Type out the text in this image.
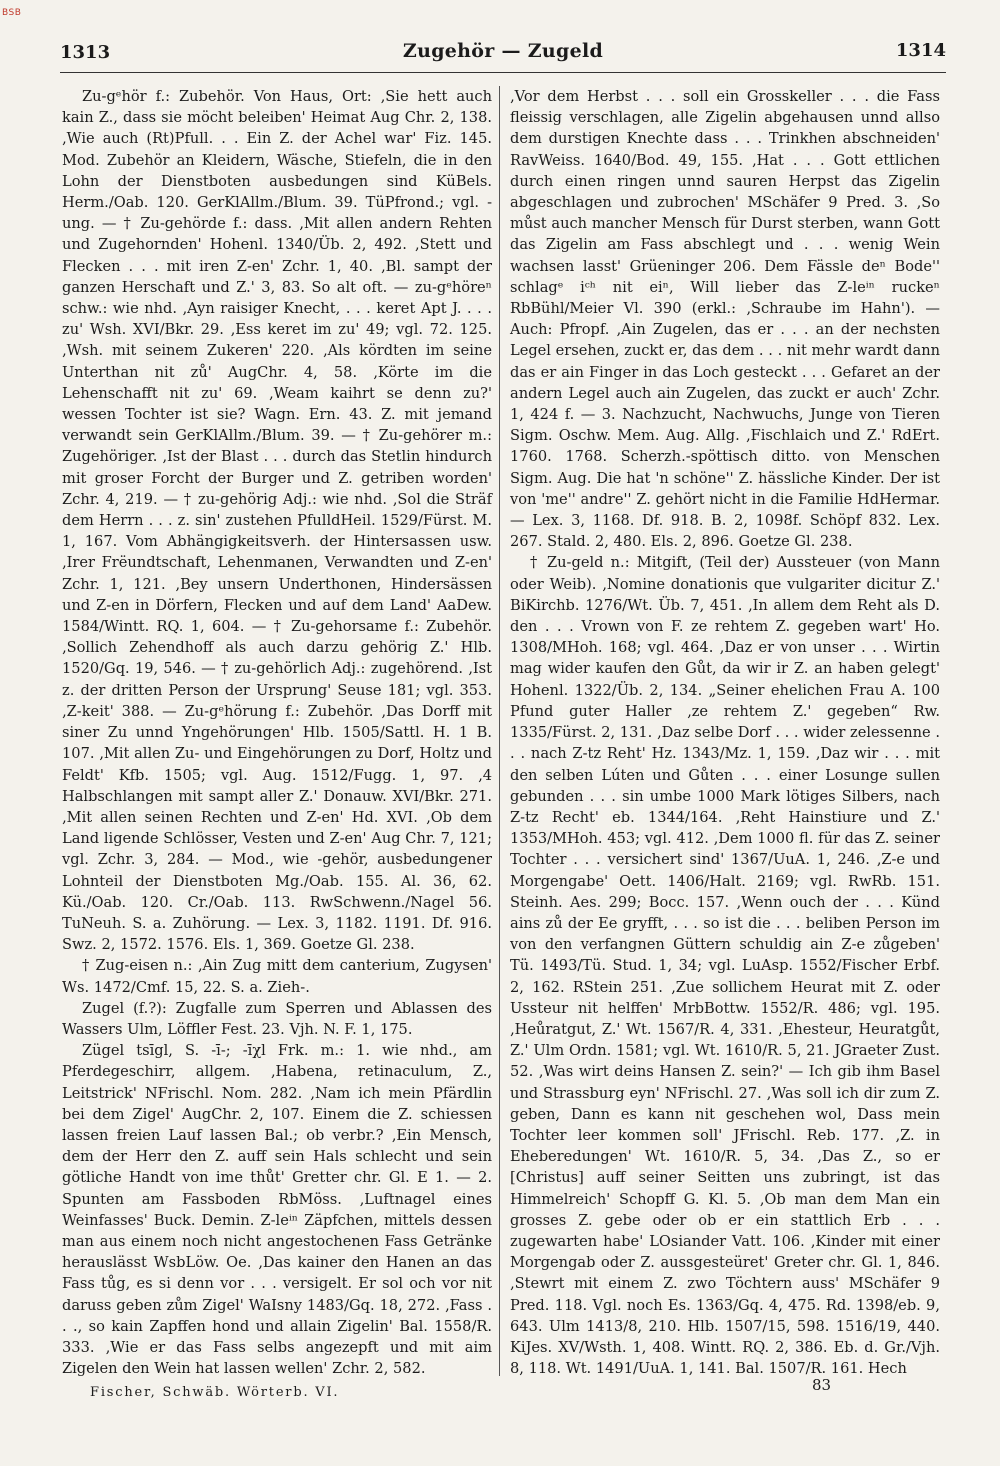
BSB
1313	Zugehör — Zugeld	1314

Zu-gᵉhör f.: Zubehör. Von Haus, Ort: ‚Sie hett auch kain Z., dass sie möcht beleiben' Heimat Aug Chr. 2, 138. ‚Wie auch (Rt)Pfull. . . Ein Z. der Achel war' Fiz. 145. Mod. Zubehör an Kleidern, Wäsche, Stiefeln, die in den Lohn der Dienstboten ausbedungen sind KüBels. Herm./Oab. 120. GerKlAllm./Blum. 39. TüPfrond.; vgl. -ung. — † Zu-gehörde f.: dass. ‚Mit allen andern Rehten und Zugehornden' Hohenl. 1340/Üb. 2, 492. ‚Stett und Flecken . . . mit iren Z-en' Zchr. 1, 40. ‚Bl. sampt der ganzen Herschaft und Z.' 3, 83. So alt oft. — zu-gᵉhöreⁿ schw.: wie nhd. ‚Ayn raisiger Knecht, . . . keret Apt J. . . . zu' Wsh. XVI/Bkr. 29. ‚Ess keret im zu' 49; vgl. 72. 125. ‚Wsh. mit seinem Zukeren' 220. ‚Als kördten im seine Unterthan nit zů' AugChr. 4, 58. ‚Körte im die Lehenschafft nit zu' 69. ‚Weam kaihrt se denn zu?' wessen Tochter ist sie? Wagn. Ern. 43. Z. mit jemand verwandt sein GerKlAllm./Blum. 39. — † Zu-gehörer m.: Zugehöriger. ‚Ist der Blast . . . durch das Stetlin hindurch mit groser Forcht der Burger und Z. getriben worden' Zchr. 4, 219. — † zu-gehörig Adj.: wie nhd. ‚Sol die Sträf dem Herrn . . . z. sin' zustehen PfulldHeil. 1529/Fürst. M. 1, 167. Vom Abhängigkeitsverh. der Hintersassen usw. ‚Irer Frëundtschaft, Lehenmanen, Verwandten und Z-en' Zchr. 1, 121. ‚Bey unsern Underthonen, Hindersässen und Z-en in Dörfern, Flecken und auf dem Land' AaDew. 1584/Wintt. RQ. 1, 604. — † Zu-gehorsame f.: Zubehör. ‚Sollich Zehendhoff als auch darzu gehörig Z.' Hlb. 1520/Gq. 19, 546. — † zu-gehörlich Adj.: zugehörend. ‚Ist z. der dritten Person der Ursprung' Seuse 181; vgl. 353. ‚Z-keit' 388. — Zu-gᵉhörung f.: Zubehör. ‚Das Dorff mit siner Zu unnd Yngehörungen' Hlb. 1505/Sattl. H. 1 B. 107. ‚Mit allen Zu- und Eingehörungen zu Dorf, Holtz und Feldt' Kfb. 1505; vgl. Aug. 1512/Fugg. 1, 97. ‚4 Halbschlangen mit sampt aller Z.' Donauw. XVI/Bkr. 271. ‚Mit allen seinen Rechten und Z-en' Hd. XVI. ‚Ob dem Land ligende Schlösser, Vesten und Z-en' Aug Chr. 7, 121; vgl. Zchr. 3, 284. — Mod., wie -gehör, ausbedungener Lohnteil der Dienstboten Mg./Oab. 155. Al. 36, 62. Kü./Oab. 120. Cr./Oab. 113. RwSchwenn./Nagel 56. TuNeuh. S. a. Zuhörung. — Lex. 3, 1182. 1191. Df. 916. Swz. 2, 1572. 1576. Els. 1, 369. Goetze Gl. 238.

† Zug-eisen n.: ‚Ain Zug mitt dem canterium, Zugysen' Ws. 1472/Cmf. 15, 22. S. a. Zieh-.

Zugel (f.?): Zugfalle zum Sperren und Ablassen des Wassers Ulm, Löffler Fest. 23. Vjh. N. F. 1, 175.

Zügel tsīgl, S. -ī-; -īχl Frk. m.: 1. wie nhd., am Pferdegeschirr, allgem. ‚Habena, retinaculum, Z., Leitstrick' NFrischl. Nom. 282. ‚Nam ich mein Pfärdlin bei dem Zigel' AugChr. 2, 107. Einem die Z. schiessen lassen freien Lauf lassen Bal.; ob verbr.? ‚Ein Mensch, dem der Herr den Z. auff sein Hals schlecht und sein götliche Handt von ime thůt' Gretter chr. Gl. E 1. — 2. Spunten am Fassboden RbMöss. ‚Luftnagel eines Weinfasses' Buck. Demin. Z-leⁱⁿ Zäpfchen, mittels dessen man aus einem noch nicht angestochenen Fass Getränke herauslässt WsbLöw. Oe. ‚Das kainer den Hanen an das Fass tůg, es si denn vor . . . versigelt. Er sol och vor nit daruss geben zům Zigel' WaIsny 1483/Gq. 18, 272. ‚Fass . . ., so kain Zapffen hond und allain Zigelin' Bal. 1558/R. 333. ‚Wie er das Fass selbs angezepft und mit aim Zigelen den Wein hat lassen wellen' Zchr. 2, 582.

‚Vor dem Herbst . . . soll ein Grosskeller . . . die Fass fleissig verschlagen, alle Zigelin abgehausen unnd allso dem durstigen Knechte dass . . . Trinkhen abschneiden' RavWeiss. 1640/Bod. 49, 155. ‚Hat . . . Gott ettlichen durch einen ringen unnd sauren Herpst das Zigelin abgeschlagen und zubrochen' MSchäfer 9 Pred. 3. ‚So můst auch mancher Mensch für Durst sterben, wann Gott das Zigelin am Fass abschlegt und . . . wenig Wein wachsen lasst' Grüeninger 206. Dem Fässle deⁿ Bode'' schlagᵉ iᶜʰ nit eiⁿ, Will lieber das Z-leⁱⁿ ruckeⁿ RbBühl/Meier Vl. 390 (erkl.: ‚Schraube im Hahn'). — Auch: Pfropf. ‚Ain Zugelen, das er . . . an der nechsten Legel ersehen, zuckt er, das dem . . . nit mehr wardt dann das er ain Finger in das Loch gesteckt . . . Gefaret an der andern Legel auch ain Zugelen, das zuckt er auch' Zchr. 1, 424 f. — 3. Nachzucht, Nachwuchs, Junge von Tieren Sigm. Oschw. Mem. Aug. Allg. ‚Fischlaich und Z.' RdErt. 1760. 1768. Scherzh.-spöttisch ditto. von Menschen Sigm. Aug. Die hat 'n schöne'' Z. hässliche Kinder. Der ist von 'me'' andre'' Z. gehört nicht in die Familie HdHermar. — Lex. 3, 1168. Df. 918. B. 2, 1098f. Schöpf 832. Lex. 267. Stald. 2, 480. Els. 2, 896. Goetze Gl. 238.

† Zu-geld n.: Mitgift, (Teil der) Aussteuer (von Mann oder Weib). ‚Nomine donationis que vulgariter dicitur Z.' BiKirchb. 1276/Wt. Üb. 7, 451. ‚In allem dem Reht als D. den . . . Vrown von F. ze rehtem Z. gegeben wart' Ho. 1308/MHoh. 168; vgl. 464. ‚Daz er von unser . . . Wirtin mag wider kaufen den Gůt, da wir ir Z. an haben gelegt' Hohenl. 1322/Üb. 2, 134. „Seiner ehelichen Frau A. 100 Pfund guter Haller ‚ze rehtem Z.' gegeben“ Rw. 1335/Fürst. 2, 131. ‚Daz selbe Dorf . . . wider zelessenne . . . nach Z-tz Reht' Hz. 1343/Mz. 1, 159. ‚Daz wir . . . mit den selben Lúten und Gůten . . . einer Losunge sullen gebunden . . . sin umbe 1000 Mark lötiges Silbers, nach Z-tz Recht' eb. 1344/164. ‚Reht Hainstiure und Z.' 1353/MHoh. 453; vgl. 412. ‚Dem 1000 fl. für das Z. seiner Tochter . . . versichert sind' 1367/UuA. 1, 246. ‚Z-e und Morgengabe' Oett. 1406/Halt. 2169; vgl. RwRb. 151. Steinh. Aes. 299; Bocc. 157. ‚Wenn ouch der . . . Künd ains zů der Ee gryfft, . . . so ist die . . . beliben Person im von den verfangnen Güttern schuldig ain Z-e zůgeben' Tü. 1493/Tü. Stud. 1, 34; vgl. LuAsp. 1552/Fischer Erbf. 2, 162. RStein 251. ‚Zue sollichem Heurat mit Z. oder Ussteur nit helffen' MrbBottw. 1552/R. 486; vgl. 195. ‚Heůratgut, Z.' Wt. 1567/R. 4, 331. ‚Ehesteur, Heuratgůt, Z.' Ulm Ordn. 1581; vgl. Wt. 1610/R. 5, 21. JGraeter Zust. 52. ‚Was wirt deins Hansen Z. sein?' — Ich gib ihm Basel und Strassburg eyn' NFrischl. 27. ‚Was soll ich dir zum Z. geben, Dann es kann nit geschehen wol, Dass mein Tochter leer kommen soll' JFrischl. Reb. 177. ‚Z. in Eheberedungen' Wt. 1610/R. 5, 34. ‚Das Z., so er [Christus] auff seiner Seitten uns zubringt, ist das Himmelreich' Schopff G. Kl. 5. ‚Ob man dem Man ein grosses Z. gebe oder ob er ein stattlich Erb . . . zugewarten habe' LOsiander Vatt. 106. ‚Kinder mit einer Morgengab oder Z. aussgesteüret' Greter chr. Gl. 1, 846. ‚Stewrt mit einem Z. zwo Töchtern auss' MSchäfer 9 Pred. 118. Vgl. noch Es. 1363/Gq. 4, 475. Rd. 1398/eb. 9, 643. Ulm 1413/8, 210. Hlb. 1507/15, 598. 1516/19, 440. KiJes. XV/Wsth. 1, 408. Wintt. RQ. 2, 386. Eb. d. Gr./Vjh. 8, 118. Wt. 1491/UuA. 1, 141. Bal. 1507/R. 161. Hech

Fischer, Schwäb. Wörterb. VI.	83
